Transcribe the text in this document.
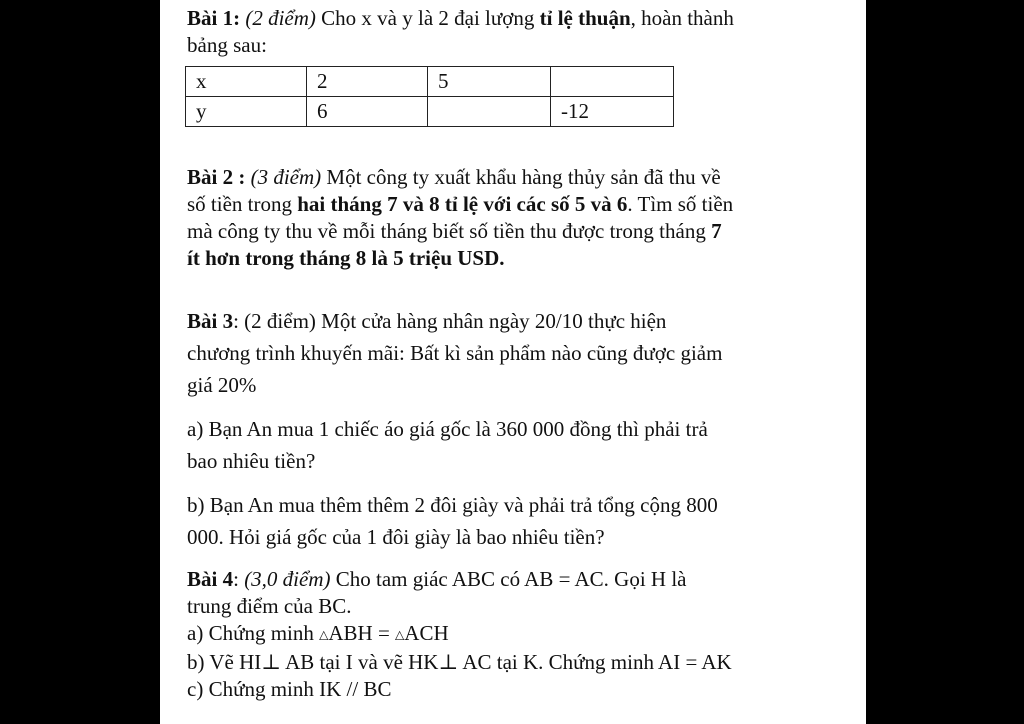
Bài 1: (2 điểm) Cho x và y là 2 đại lượng tỉ lệ thuận, hoàn thành

bảng sau:

x	2	5	
y	6		-12

Bài 2 : (3 điểm) Một công ty xuất khẩu hàng thủy sản đã thu về

số tiền trong hai tháng 7 và 8 tỉ lệ với các số 5 và 6. Tìm số tiền

mà công ty thu về mỗi tháng biết số tiền thu được trong tháng 7

ít hơn trong tháng 8 là 5 triệu USD.

Bài 3: (2 điểm) Một cửa hàng nhân ngày 20/10 thực hiện

chương trình khuyến mãi: Bất kì sản phẩm nào cũng được giảm

giá 20%

a) Bạn An mua 1 chiếc áo giá gốc là 360 000 đồng thì phải trả

bao nhiêu tiền?

b) Bạn An mua thêm thêm 2 đôi giày và phải trả tổng cộng 800

000. Hỏi giá gốc của 1 đôi giày là bao nhiêu tiền?

Bài 4: (3,0 điểm) Cho tam giác ABC có AB = AC. Gọi H là

trung điểm của BC.

a) Chứng minh △ABH = △ACH

b) Vẽ HI⊥ AB tại I và vẽ HK⊥ AC tại K. Chứng minh AI = AK

c) Chứng minh IK // BC
